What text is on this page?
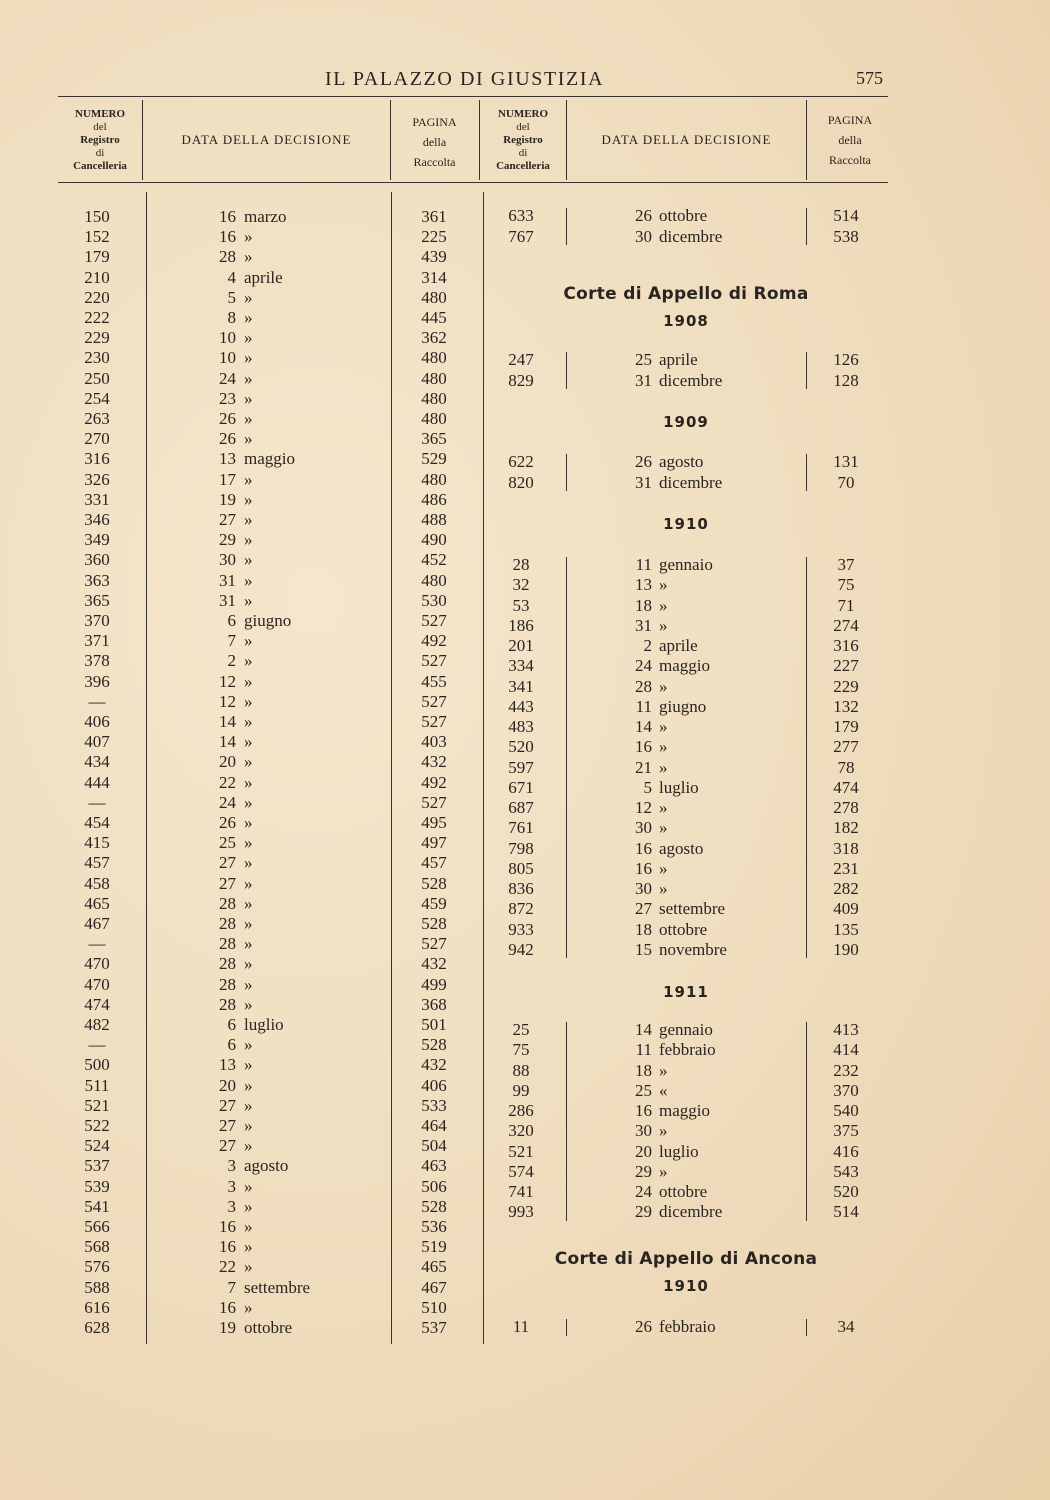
IL PALAZZO DI GIUSTIZIA	575
NUMERO
del
Registro
di
Cancelleria
DATA DELLA DECISIONE
PAGINA
della
Raccolta
NUMERO
del
Registro
di
Cancelleria
DATA DELLA DECISIONE
PAGINA
della
Raccolta
150	16 marzo	361
152	16 »	225
179	28 »	439
210	4 aprile	314
220	5 »	480
222	8 »	445
229	10 »	362
230	10 »	480
250	24 »	480
254	23 »	480
263	26 »	480
270	26 »	365
316	13 maggio	529
326	17 »	480
331	19 »	486
346	27 »	488
349	29 »	490
360	30 »	452
363	31 »	480
365	31 »	530
370	6 giugno	527
371	7 »	492
378	2 »	527
396	12 »	455
—	12 »	527
406	14 »	527
407	14 »	403
434	20 »	432
444	22 »	492
—	24 »	527
454	26 »	495
415	25 »	497
457	27 »	457
458	27 »	528
465	28 »	459
467	28 »	528
—	28 »	527
470	28 »	432
470	28 »	499
474	28 »	368
482	6 luglio	501
—	6 »	528
500	13 »	432
511	20 »	406
521	27 »	533
522	27 »	464
524	27 »	504
537	3 agosto	463
539	3 »	506
541	3 »	528
566	16 »	536
568	16 »	519
576	22 »	465
588	7 settembre	467
616	16 »	510
628	19 ottobre	537
633	26 ottobre	514
767	30 dicembre	538
247	25 aprile	126
829	31 dicembre	128
622	26 agosto	131
820	31 dicembre	70
28	11 gennaio	37
32	13 »	75
53	18 »	71
186	31 »	274
201	2 aprile	316
334	24 maggio	227
341	28 »	229
443	11 giugno	132
483	14 »	179
520	16 »	277
597	21 »	78
671	5 luglio	474
687	12 »	278
761	30 »	182
798	16 agosto	318
805	16 »	231
836	30 »	282
872	27 settembre	409
933	18 ottobre	135
942	15 novembre	190
25	14 gennaio	413
75	11 febbraio	414
88	18 »	232
99	25 «	370
286	16 maggio	540
320	30 »	375
521	20 luglio	416
574	29 »	543
741	24 ottobre	520
993	29 dicembre	514
11	26 febbraio	34
Corte di Appello di Roma
1908
1909
1910
1911
Corte di Appello di Ancona
1910
